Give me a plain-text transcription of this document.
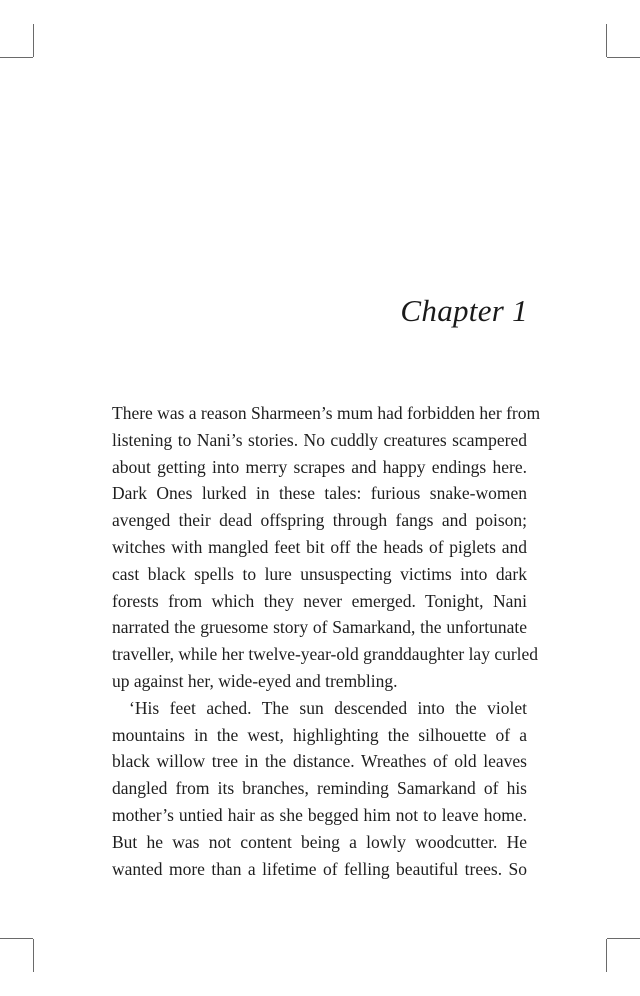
Chapter 1

There was a reason Sharmeen’s mum had forbidden her from
listening to Nani’s stories. No cuddly creatures scampered
about getting into merry scrapes and happy endings here.
Dark Ones lurked in these tales: furious snake-women
avenged their dead offspring through fangs and poison;
witches with mangled feet bit off the heads of piglets and
cast black spells to lure unsuspecting victims into dark
forests from which they never emerged. Tonight, Nani
narrated the gruesome story of Samarkand, the unfortunate
traveller, while her twelve-year-old granddaughter lay curled
up against her, wide-eyed and trembling.

‘His feet ached. The sun descended into the violet
mountains in the west, highlighting the silhouette of a
black willow tree in the distance. Wreathes of old leaves
dangled from its branches, reminding Samarkand of his
mother’s untied hair as she begged him not to leave home.
But he was not content being a lowly woodcutter. He
wanted more than a lifetime of felling beautiful trees. So
